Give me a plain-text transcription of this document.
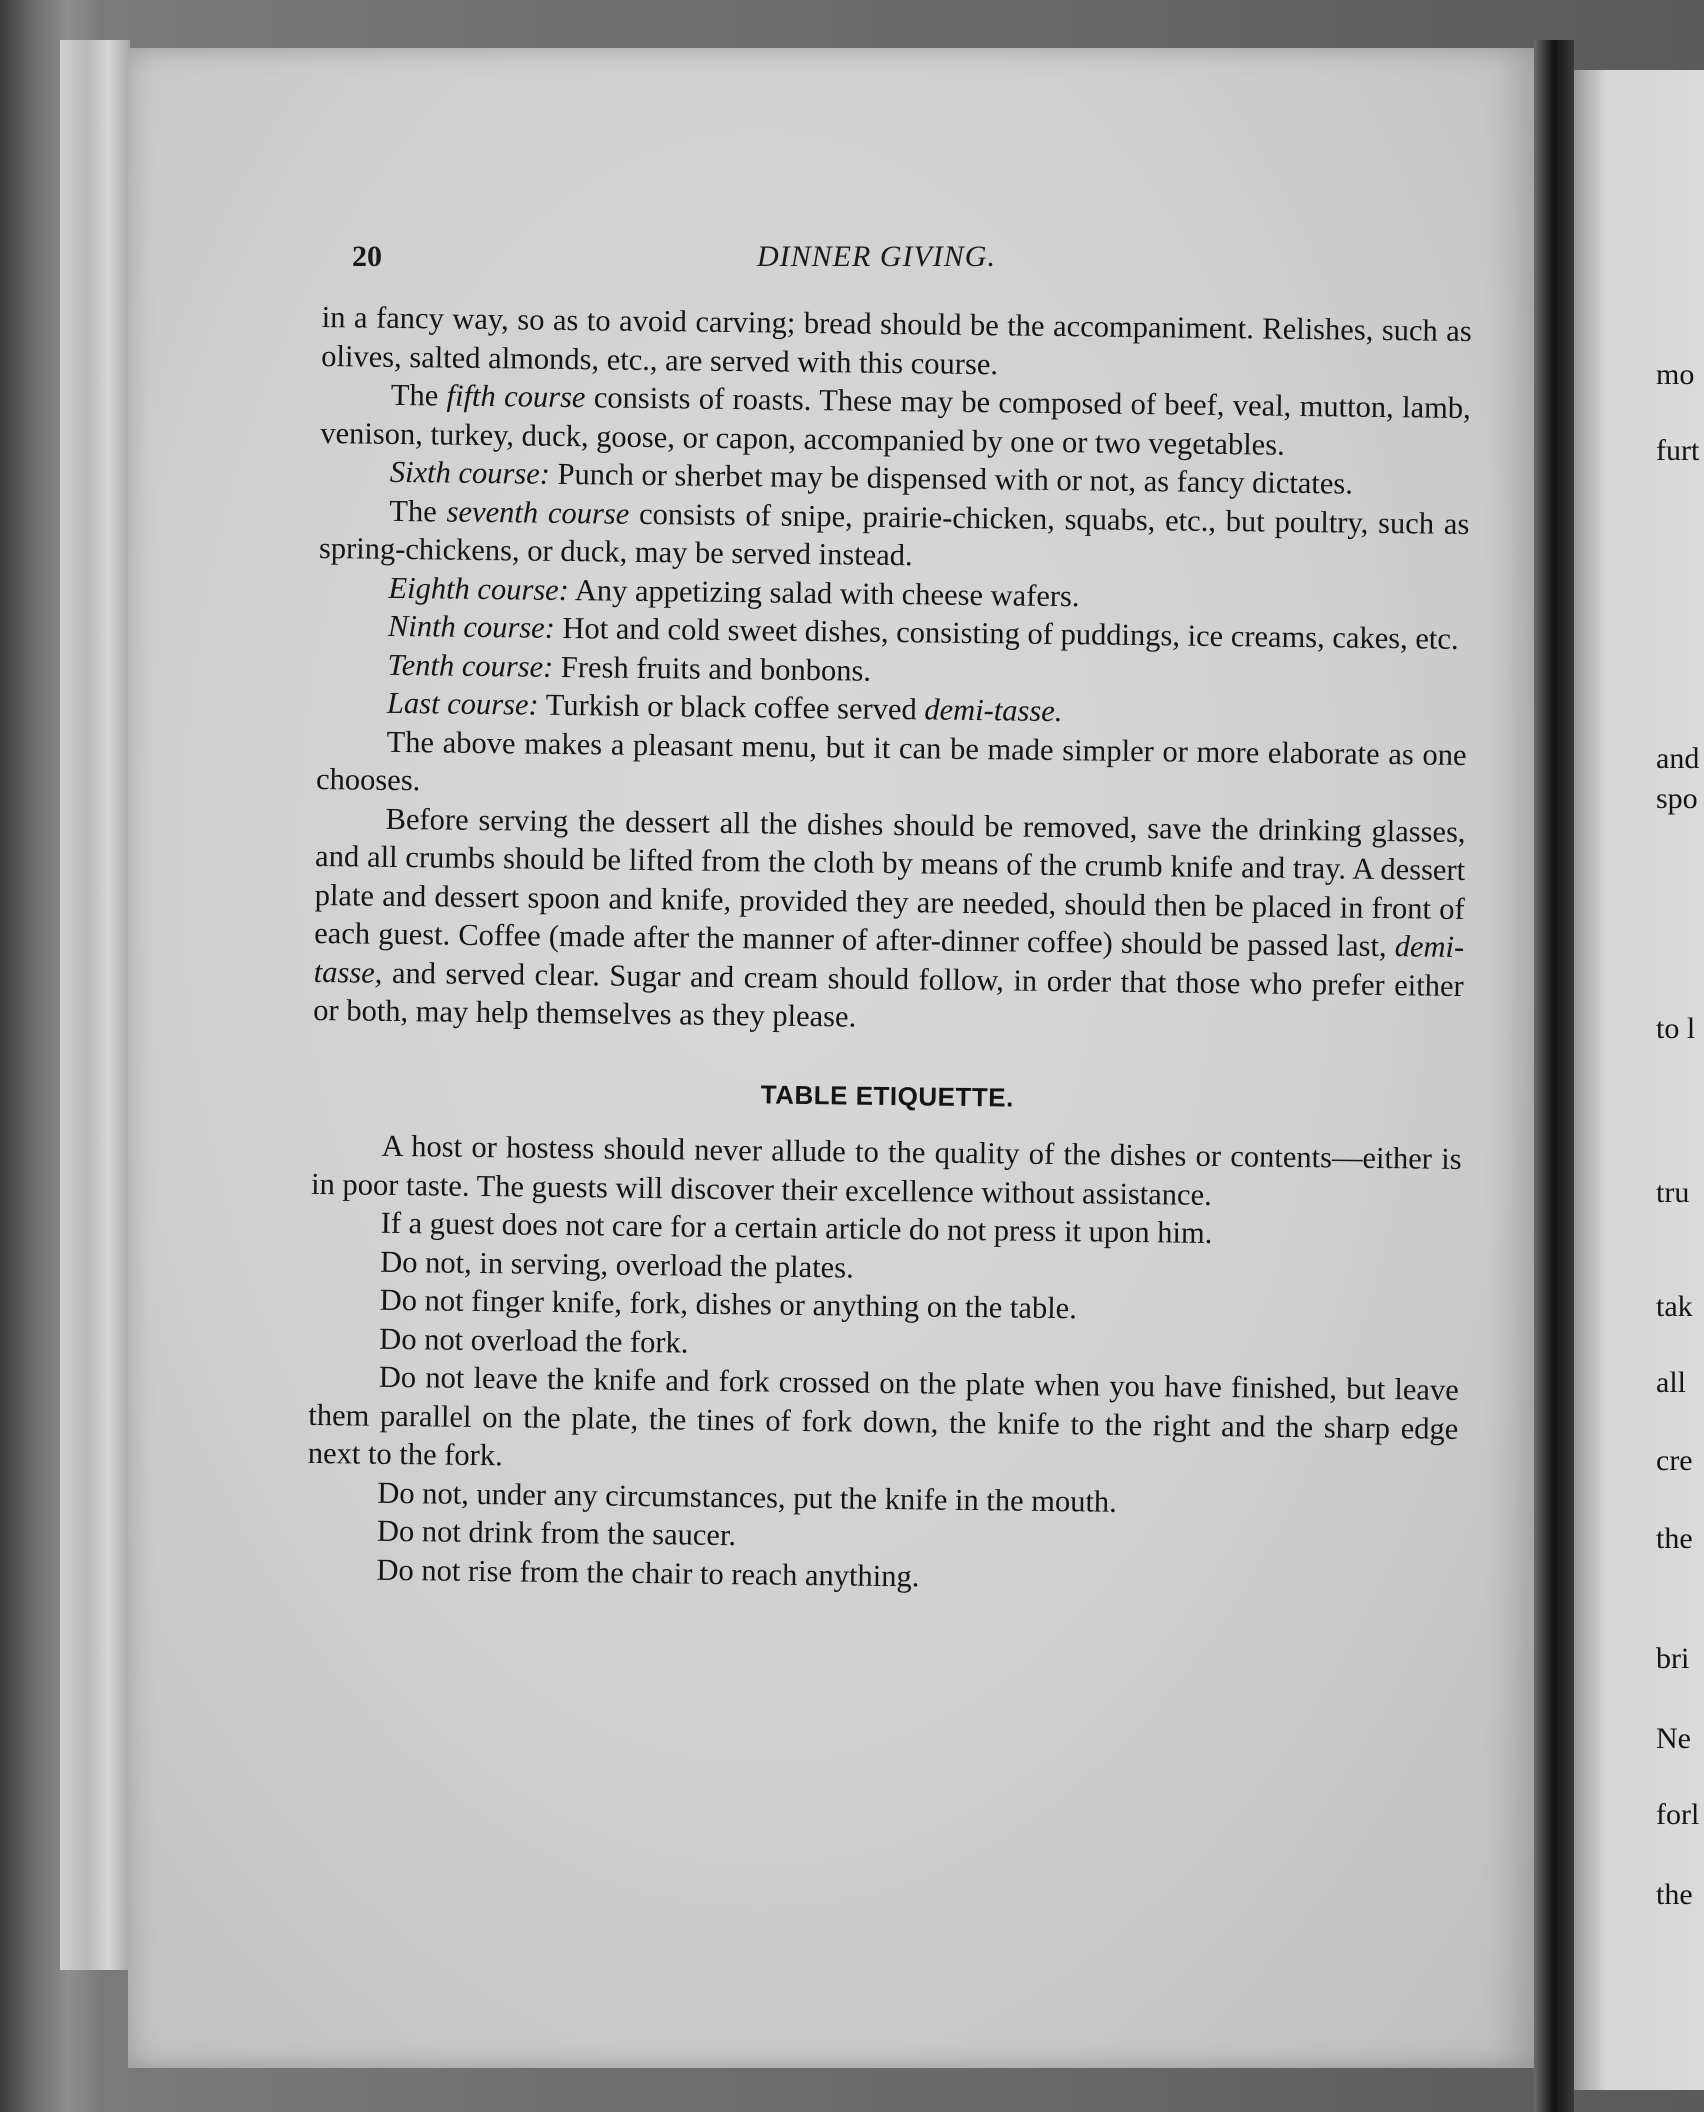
mo
furt
and
spo
to l
tru
tak
all
cre
the
bri
Ne
forl
the
20	DINNER GIVING.

in a fancy way, so as to avoid carving; bread should be the accompaniment. Relishes, such as olives, salted almonds, etc., are served with this course.

The fifth course consists of roasts. These may be composed of beef, veal, mutton, lamb, venison, turkey, duck, goose, or capon, accompanied by one or two vegetables.

Sixth course: Punch or sherbet may be dispensed with or not, as fancy dictates.

The seventh course consists of snipe, prairie-chicken, squabs, etc., but poultry, such as spring-chickens, or duck, may be served instead.

Eighth course: Any appetizing salad with cheese wafers.

Ninth course: Hot and cold sweet dishes, consisting of puddings, ice creams, cakes, etc.

Tenth course: Fresh fruits and bonbons.

Last course: Turkish or black coffee served demi-tasse.

The above makes a pleasant menu, but it can be made simpler or more elaborate as one chooses.

Before serving the dessert all the dishes should be removed, save the drinking glasses, and all crumbs should be lifted from the cloth by means of the crumb knife and tray. A dessert plate and dessert spoon and knife, provided they are needed, should then be placed in front of each guest. Coffee (made after the manner of after-dinner coffee) should be passed last, demi-tasse, and served clear. Sugar and cream should follow, in order that those who prefer either or both, may help themselves as they please.

TABLE ETIQUETTE.

A host or hostess should never allude to the quality of the dishes or contents—either is in poor taste. The guests will discover their excellence without assistance.

If a guest does not care for a certain article do not press it upon him.

Do not, in serving, overload the plates.

Do not finger knife, fork, dishes or anything on the table.

Do not overload the fork.

Do not leave the knife and fork crossed on the plate when you have finished, but leave them parallel on the plate, the tines of fork down, the knife to the right and the sharp edge next to the fork.

Do not, under any circumstances, put the knife in the mouth.

Do not drink from the saucer.

Do not rise from the chair to reach anything.
